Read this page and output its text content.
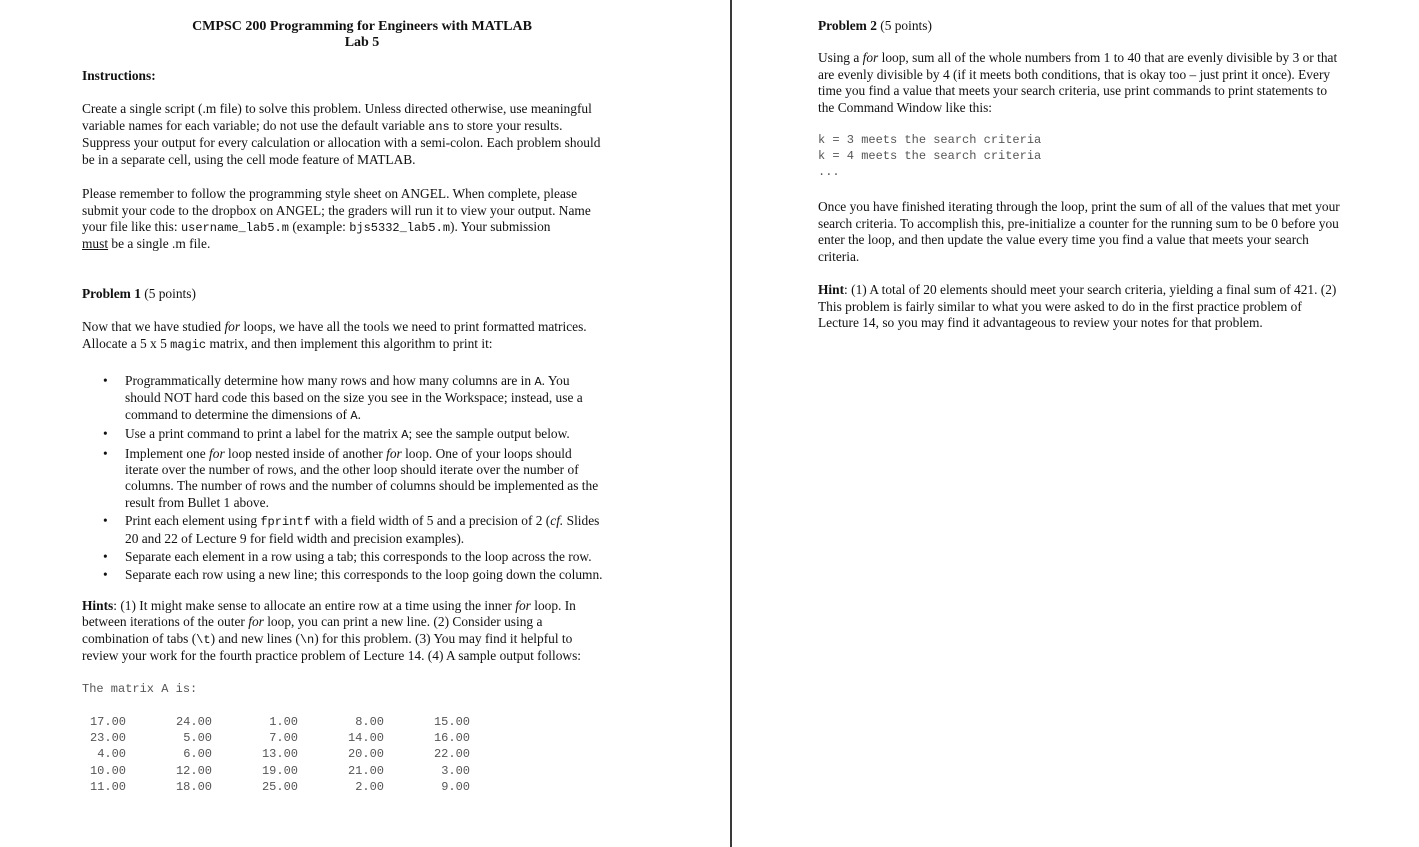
CMPSC 200 Programming for Engineers with MATLAB
Lab 5
Instructions:
Create a single script (.m file) to solve this problem. Unless directed otherwise, use meaningful
variable names for each variable; do not use the default variable ans to store your results.
Suppress your output for every calculation or allocation with a semi-colon. Each problem should
be in a separate cell, using the cell mode feature of MATLAB.
Please remember to follow the programming style sheet on ANGEL. When complete, please
submit your code to the dropbox on ANGEL; the graders will run it to view your output. Name
your file like this: username_lab5.m (example: bjs5332_lab5.m). Your submission
must be a single .m file.
Problem 1 (5 points)
Now that we have studied for loops, we have all the tools we need to print formatted matrices.
Allocate a 5 x 5 magic matrix, and then implement this algorithm to print it:
• Programmatically determine how many rows and how many columns are in A. You
should NOT hard code this based on the size you see in the Workspace; instead, use a
command to determine the dimensions of A.
• Use a print command to print a label for the matrix A; see the sample output below.
• Implement one for loop nested inside of another for loop. One of your loops should
iterate over the number of rows, and the other loop should iterate over the number of
columns. The number of rows and the number of columns should be implemented as the
result from Bullet 1 above.
• Print each element using fprintf with a field width of 5 and a precision of 2 (cf. Slides
20 and 22 of Lecture 9 for field width and precision examples).
• Separate each element in a row using a tab; this corresponds to the loop across the row.
• Separate each row using a new line; this corresponds to the loop going down the column.
Hints: (1) It might make sense to allocate an entire row at a time using the inner for loop. In
between iterations of the outer for loop, you can print a new line. (2) Consider using a
combination of tabs (\t) and new lines (\n) for this problem. (3) You may find it helpful to
review your work for the fourth practice problem of Lecture 14. (4) A sample output follows:
The matrix A is:
17.00	24.00	1.00	8.00	15.00
23.00	5.00	7.00	14.00	16.00
4.00	6.00	13.00	20.00	22.00
10.00	12.00	19.00	21.00	3.00
11.00	18.00	25.00	2.00	9.00
Problem 2 (5 points)
Using a for loop, sum all of the whole numbers from 1 to 40 that are evenly divisible by 3 or that
are evenly divisible by 4 (if it meets both conditions, that is okay too – just print it once). Every
time you find a value that meets your search criteria, use print commands to print statements to
the Command Window like this:
k = 3 meets the search criteria
k = 4 meets the search criteria
...
Once you have finished iterating through the loop, print the sum of all of the values that met your
search criteria. To accomplish this, pre-initialize a counter for the running sum to be 0 before you
enter the loop, and then update the value every time you find a value that meets your search
criteria.
Hint: (1) A total of 20 elements should meet your search criteria, yielding a final sum of 421. (2)
This problem is fairly similar to what you were asked to do in the first practice problem of
Lecture 14, so you may find it advantageous to review your notes for that problem.
